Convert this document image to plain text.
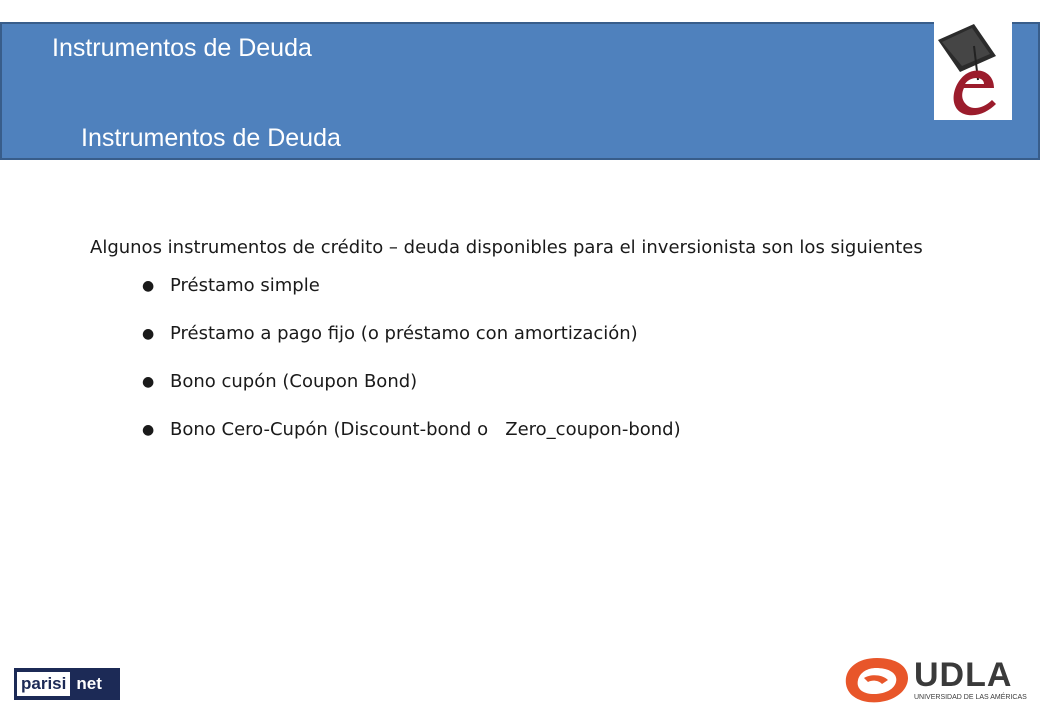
Instrumentos de Deuda
Instrumentos de Deuda

Algunos instrumentos de crédito – deuda disponibles para el inversionista son los siguientes

● Préstamo simple
● Préstamo a pago fijo (o préstamo con amortización)
● Bono cupón (Coupon Bond)
● Bono Cero-Cupón (Discount-bond o   Zero_coupon-bond)
parisi net	UDLA
UNIVERSIDAD DE LAS AMÉRICAS
